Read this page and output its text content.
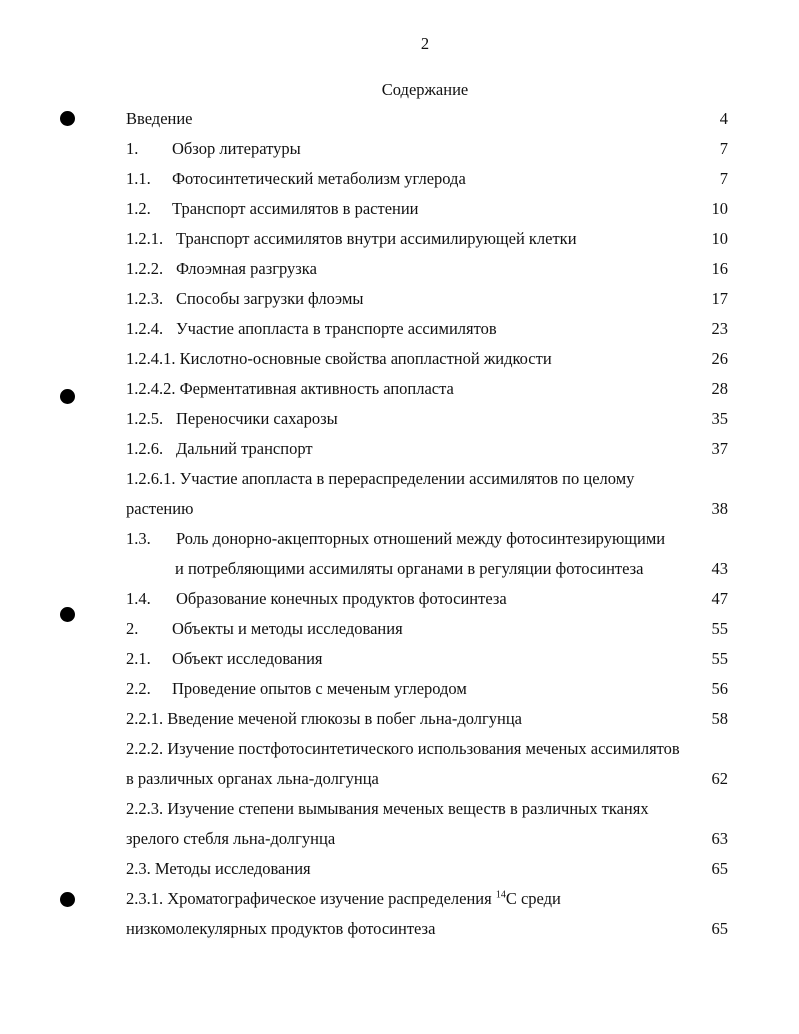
2
Содержание
Введение	4
1. Обзор литературы	7
1.1. Фотосинтетический метаболизм углерода	7
1.2. Транспорт ассимилятов в растении	10
1.2.1. Транспорт ассимилятов внутри ассимилирующей клетки	10
1.2.2. Флоэмная разгрузка	16
1.2.3. Способы загрузки флоэмы	17
1.2.4. Участие апопласта в транспорте ассимилятов	23
1.2.4.1. Кислотно-основные свойства апопластной жидкости	26
1.2.4.2. Ферментативная активность апопласта	28
1.2.5. Переносчики сахарозы	35
1.2.6. Дальний транспорт	37
1.2.6.1. Участие апопласта в перераспределении ассимилятов по целому
растению	38
1.3. Роль донорно-акцепторных отношений между фотосинтезирующими
и потребляющими ассимиляты органами в регуляции фотосинтеза	43
1.4. Образование конечных продуктов фотосинтеза	47
2. Объекты и методы исследования	55
2.1. Объект исследования	55
2.2. Проведение опытов с меченым углеродом	56
2.2.1. Введение меченой глюкозы в побег льна-долгунца	58
2.2.2. Изучение постфотосинтетического использования меченых ассимилятов
в различных органах льна-долгунца	62
2.2.3. Изучение степени вымывания меченых веществ в различных тканях
зрелого стебля льна-долгунца	63
2.3. Методы исследования	65
2.3.1. Хроматографическое изучение распределения $^{14}$С среди
низкомолекулярных продуктов фотосинтеза	65
